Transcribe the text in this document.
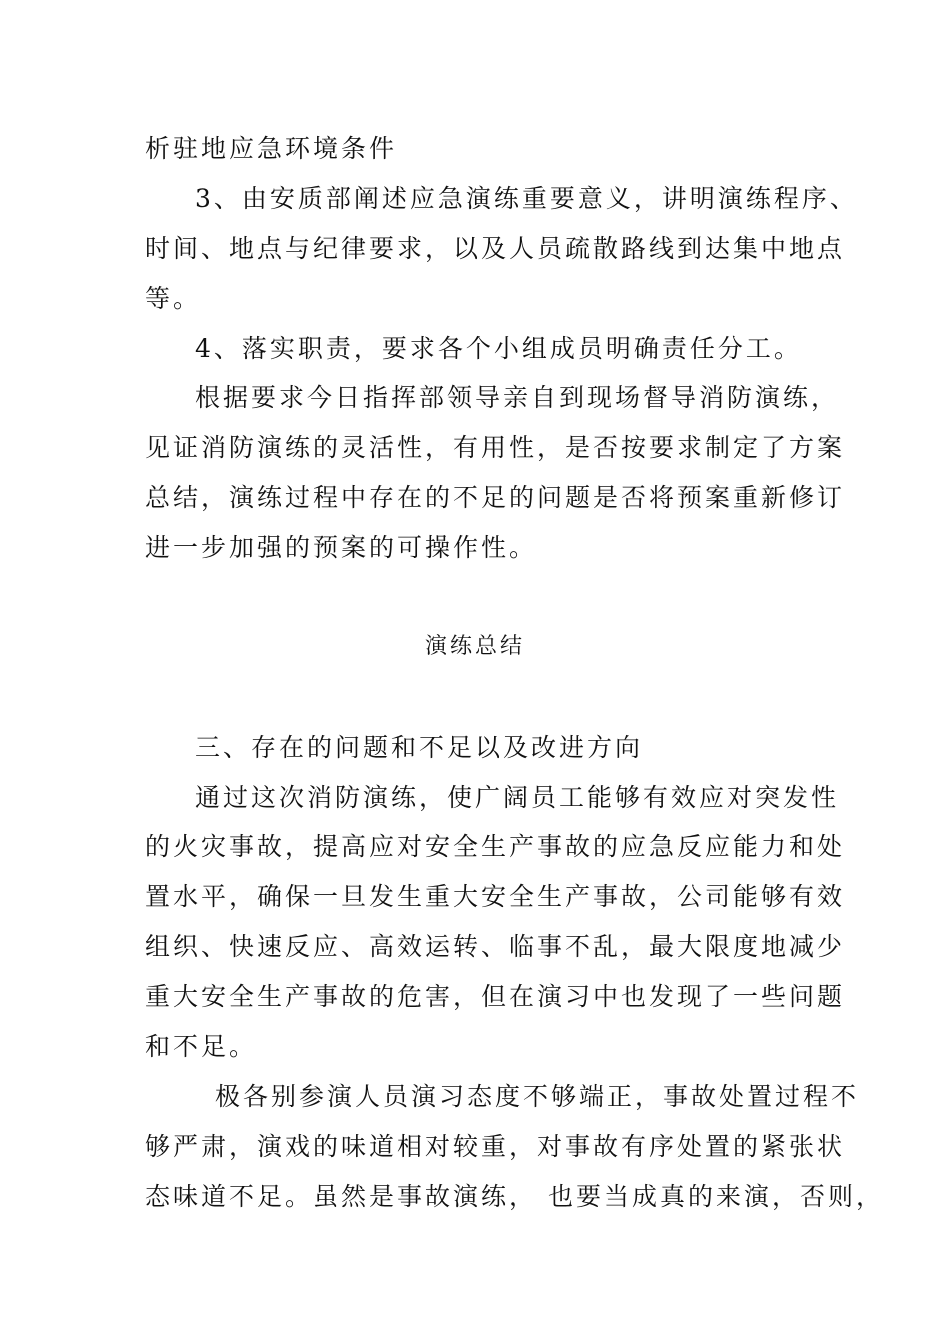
析驻地应急环境条件
3、由安质部阐述应急演练重要意义，讲明演练程序、
时间、地点与纪律要求，以及人员疏散路线到达集中地点
等。
4、落实职责，要求各个小组成员明确责任分工。
根据要求今日指挥部领导亲自到现场督导消防演练，
见证消防演练的灵活性，有用性，是否按要求制定了方案
总结，演练过程中存在的不足的问题是否将预案重新修订
进一步加强的预案的可操作性。
演练总结
三、存在的问题和不足以及改进方向
通过这次消防演练，使广阔员工能够有效应对突发性
的火灾事故，提高应对安全生产事故的应急反应能力和处
置水平，确保一旦发生重大安全生产事故，公司能够有效
组织、快速反应、高效运转、临事不乱，最大限度地减少
重大安全生产事故的危害，但在演习中也发现了一些问题
和不足。
极各别参演人员演习态度不够端正，事故处置过程不
够严肃，演戏的味道相对较重，对事故有序处置的紧张状
态味道不足。虽然是事故演练， 也要当成真的来演，否则，
